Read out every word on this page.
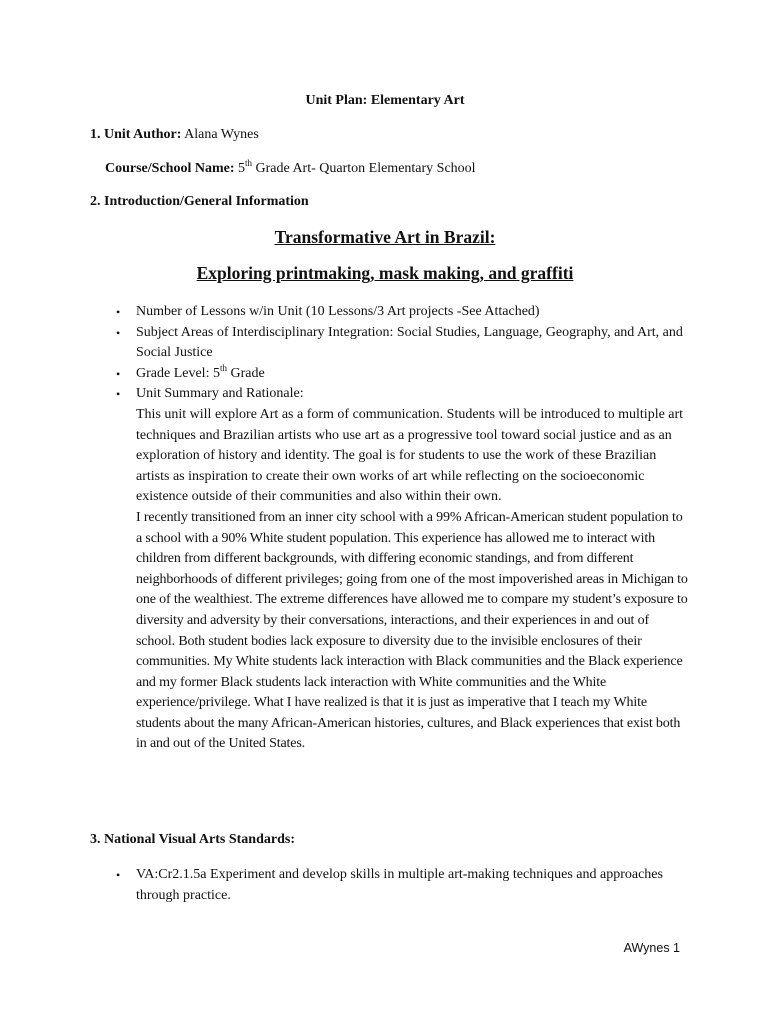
Unit Plan: Elementary Art
1. Unit Author: Alana Wynes
Course/School Name: 5th Grade Art- Quarton Elementary School
2. Introduction/General Information
Transformative Art in Brazil:
Exploring printmaking, mask making, and graffiti
• Number of Lessons w/in Unit (10 Lessons/3 Art projects -See Attached)
• Subject Areas of Interdisciplinary Integration: Social Studies, Language, Geography, and Art, and Social Justice
• Grade Level: 5th Grade
• Unit Summary and Rationale:
This unit will explore Art as a form of communication. Students will be introduced to multiple art techniques and Brazilian artists who use art as a progressive tool toward social justice and as an exploration of history and identity. The goal is for students to use the work of these Brazilian artists as inspiration to create their own works of art while reflecting on the socioeconomic existence outside of their communities and also within their own.
I recently transitioned from an inner city school with a 99% African-American student population to a school with a 90% White student population. This experience has allowed me to interact with children from different backgrounds, with differing economic standings, and from different neighborhoods of different privileges; going from one of the most impoverished areas in Michigan to one of the wealthiest. The extreme differences have allowed me to compare my student’s exposure to diversity and adversity by their conversations, interactions, and their experiences in and out of school. Both student bodies lack exposure to diversity due to the invisible enclosures of their communities. My White students lack interaction with Black communities and the Black experience and my former Black students lack interaction with White communities and the White experience/privilege. What I have realized is that it is just as imperative that I teach my White students about the many African-American histories, cultures, and Black experiences that exist both in and out of the United States.
3. National Visual Arts Standards:
• VA:Cr2.1.5a Experiment and develop skills in multiple art-making techniques and approaches through practice.
AWynes 1
